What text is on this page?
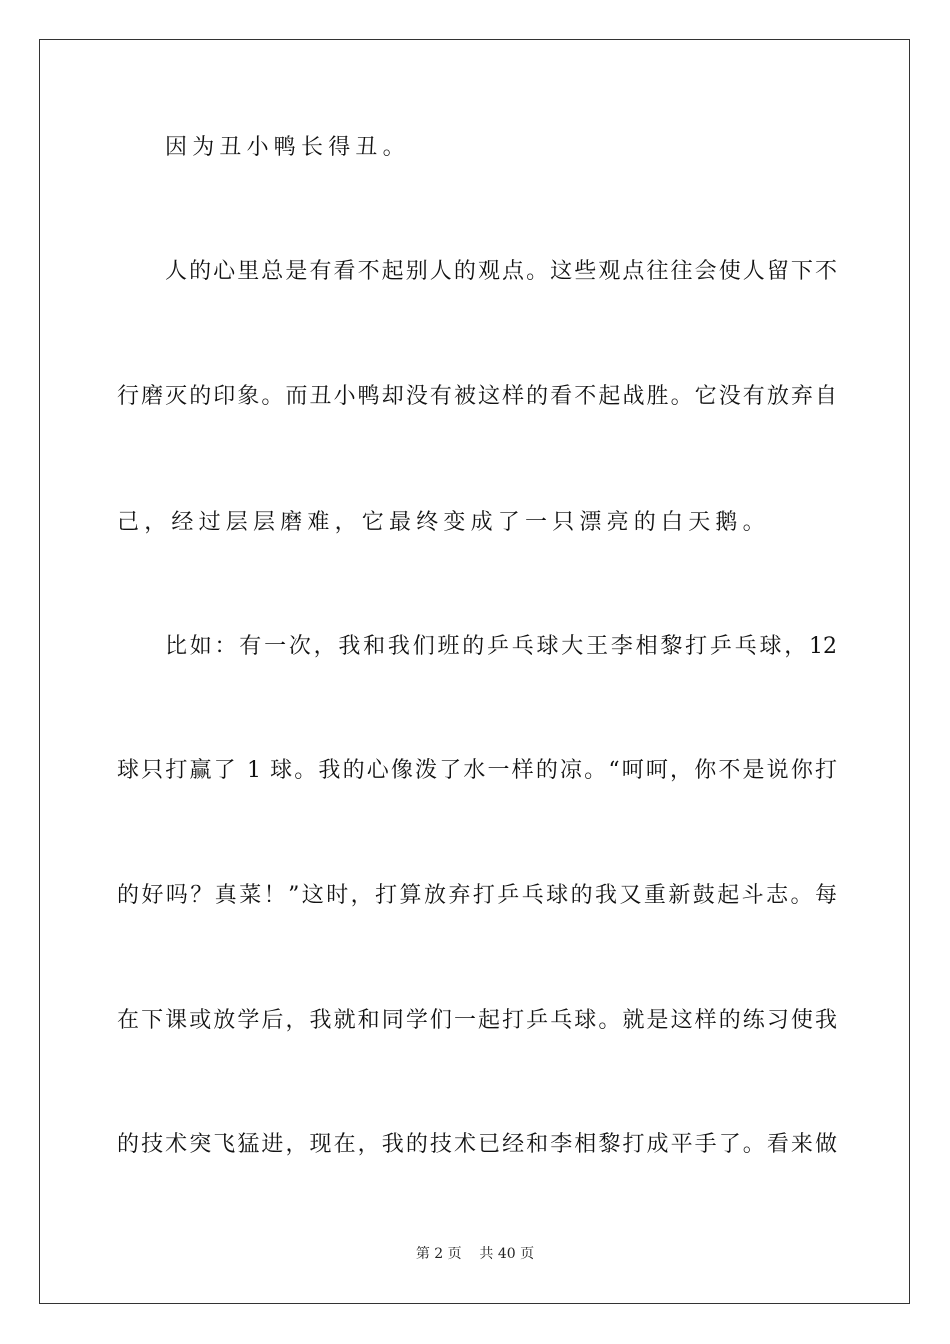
因为丑小鸭长得丑。
人的心里总是有看不起别人的观点。这些观点往往会使人留下不
行磨灭的印象。而丑小鸭却没有被这样的看不起战胜。它没有放弃自
己，经过层层磨难，它最终变成了一只漂亮的白天鹅。
比如：有一次，我和我们班的乒乓球大王李相黎打乒乓球，12
球只打赢了 1 球。我的心像泼了水一样的凉。“呵呵，你不是说你打
的好吗？真菜！”这时，打算放弃打乒乓球的我又重新鼓起斗志。每
在下课或放学后，我就和同学们一起打乒乓球。就是这样的练习使我
的技术突飞猛进，现在，我的技术已经和李相黎打成平手了。看来做
第 2 页    共 40 页
